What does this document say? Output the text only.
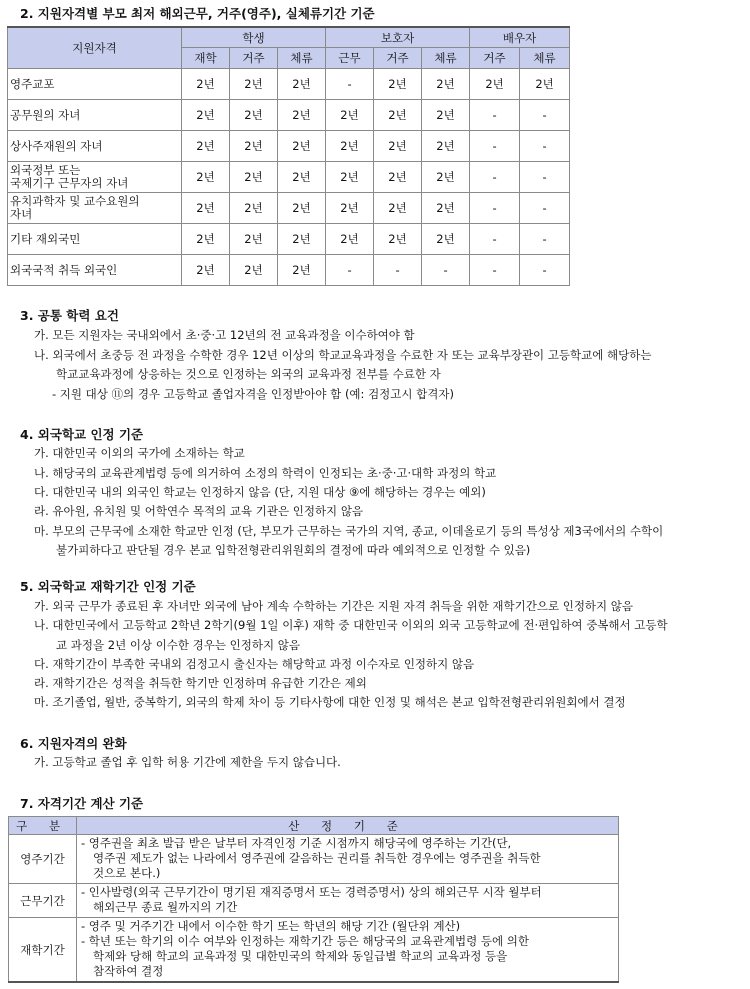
2. 지원자격별 부모 최저 해외근무, 거주(영주), 실체류기간 기준
지원자격	학생			보호자			배우자	
	재학	거주	체류	근무	거주	체류	거주	체류

영주교포	2년	2년	2년	-	2년	2년	2년	2년

공무원의 자녀	2년	2년	2년	2년	2년	2년	-	-

상사주재원의 자녀	2년	2년	2년	2년	2년	2년	-	-

외국정부 또는
국제기구 근무자의 자녀	2년	2년	2년	2년	2년	2년	-	-

유치과학자 및 교수요원의
자녀	2년	2년	2년	2년	2년	2년	-	-

기타 재외국민	2년	2년	2년	2년	2년	2년	-	-

외국국적 취득 외국인	2년	2년	2년	-	-	-	-	-
3. 공통 학력 요건
가. 모든 지원자는 국내외에서 초·중·고 12년의 전 교육과정을 이수하여야 함
나. 외국에서 초중등 전 과정을 수학한 경우 12년 이상의 학교교육과정을 수료한 자 또는 교육부장관이 고등학교에 해당하는
학교교육과정에 상응하는 것으로 인정하는 외국의 교육과정 전부를 수료한 자
- 지원 대상 ⑪의 경우 고등학교 졸업자격을 인정받아야 함 (예: 검정고시 합격자)
4. 외국학교 인정 기준
가. 대한민국 이외의 국가에 소재하는 학교
나. 해당국의 교육관계법령 등에 의거하여 소정의 학력이 인정되는 초·중·고·대학 과정의 학교
다. 대한민국 내의 외국인 학교는 인정하지 않음 (단, 지원 대상 ⑨에 해당하는 경우는 예외)
라. 유아원, 유치원 및 어학연수 목적의 교육 기관은 인정하지 않음
마. 부모의 근무국에 소재한 학교만 인정 (단, 부모가 근무하는 국가의 지역, 종교, 이데올로기 등의 특성상 제3국에서의 수학이
불가피하다고 판단될 경우 본교 입학전형관리위원회의 결정에 따라 예외적으로 인정할 수 있음)
5. 외국학교 재학기간 인정 기준
가. 외국 근무가 종료된 후 자녀만 외국에 남아 계속 수학하는 기간은 지원 자격 취득을 위한 재학기간으로 인정하지 않음
나. 대한민국에서 고등학교 2학년 2학기(9월 1일 이후) 재학 중 대한민국 이외의 외국 고등학교에 전·편입하여 중복해서 고등학
교 과정을 2년 이상 이수한 경우는 인정하지 않음
다. 재학기간이 부족한 국내외 검정고시 출신자는 해당학교 과정 이수자로 인정하지 않음
라. 재학기간은 성적을 취득한 학기만 인정하며 유급한 기간은 제외
마. 조기졸업, 월반, 중복학기, 외국의 학제 차이 등 기타사항에 대한 인정 및 해석은 본교 입학전형관리위원회에서 결정
6. 지원자격의 완화
가. 고등학교 졸업 후 입학 허용 기간에 제한을 두지 않습니다.
7. 자격기간 계산 기준
구 분	산 정 기 준
영주기간	- 영주권을 최초 발급 받은 날부터 자격인정 기준 시점까지 해당국에 영주하는 기간(단,
영주권 제도가 없는 나라에서 영주권에 갈음하는 권리를 취득한 경우에는 영주권을 취득한
것으로 본다.)

근무기간	- 인사발령(외국 근무기간이 명기된 재직증명서 또는 경력증명서) 상의 해외근무 시작 월부터
해외근무 종료 월까지의 기간

재학기간	- 영주 및 거주기간 내에서 이수한 학기 또는 학년의 해당 기간 (월단위 계산)
- 학년 또는 학기의 이수 여부와 인정하는 재학기간 등은 해당국의 교육관계법령 등에 의한
학제와 당해 학교의 교육과정 및 대한민국의 학제와 동일급별 학교의 교육과정 등을
참작하여 결정
